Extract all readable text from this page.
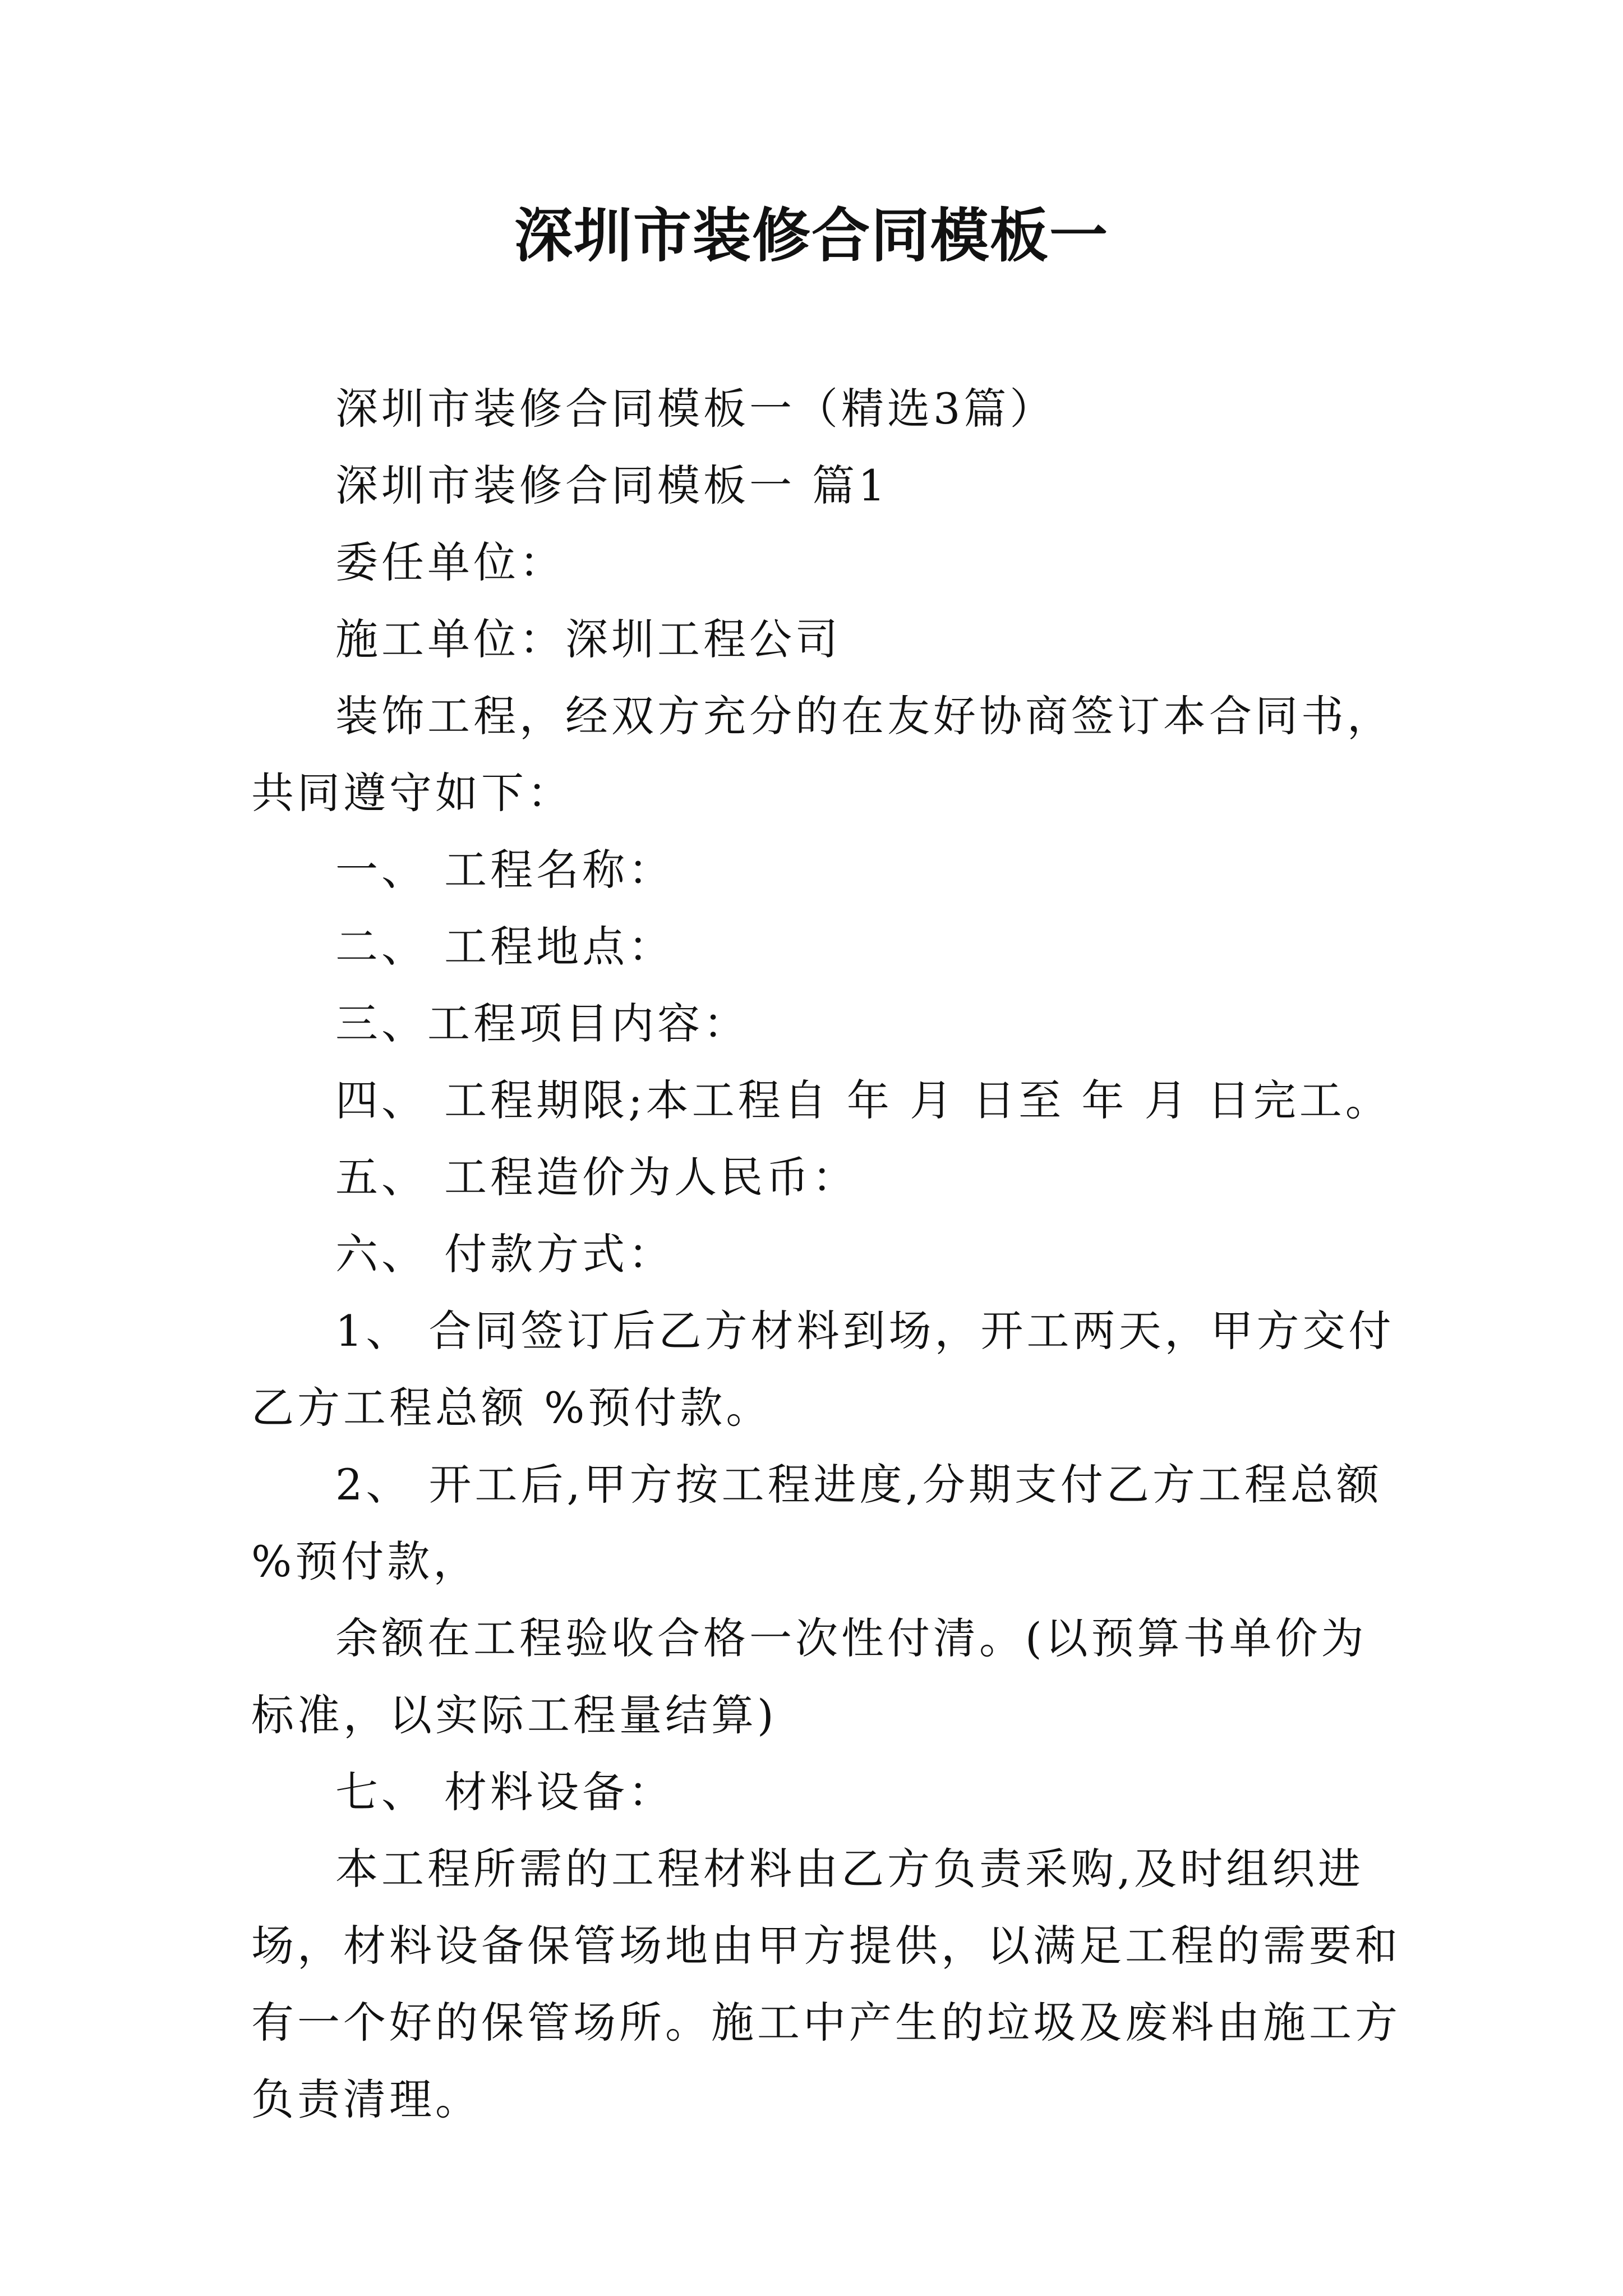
深圳市装修合同模板一

深圳市装修合同模板一（精选3篇）

深圳市装修合同模板一 篇1

委任单位：

施工单位：深圳工程公司

装饰工程，经双方充分的在友好协商签订本合同书，共同遵守如下：

一、 工程名称：

二、 工程地点：

三、工程项目内容：

四、 工程期限;本工程自 年 月 日至 年 月 日完工。

五、 工程造价为人民币：

六、 付款方式：

1、 合同签订后乙方材料到场，开工两天，甲方交付乙方工程总额 %预付款。

2、 开工后,甲方按工程进度,分期支付乙方工程总额 %预付款，

余额在工程验收合格一次性付清。(以预算书单价为标准，以实际工程量结算)

七、 材料设备：

本工程所需的工程材料由乙方负责采购,及时组织进场，材料设备保管场地由甲方提供，以满足工程的需要和有一个好的保管场所。施工中产生的垃圾及废料由施工方负责清理。
